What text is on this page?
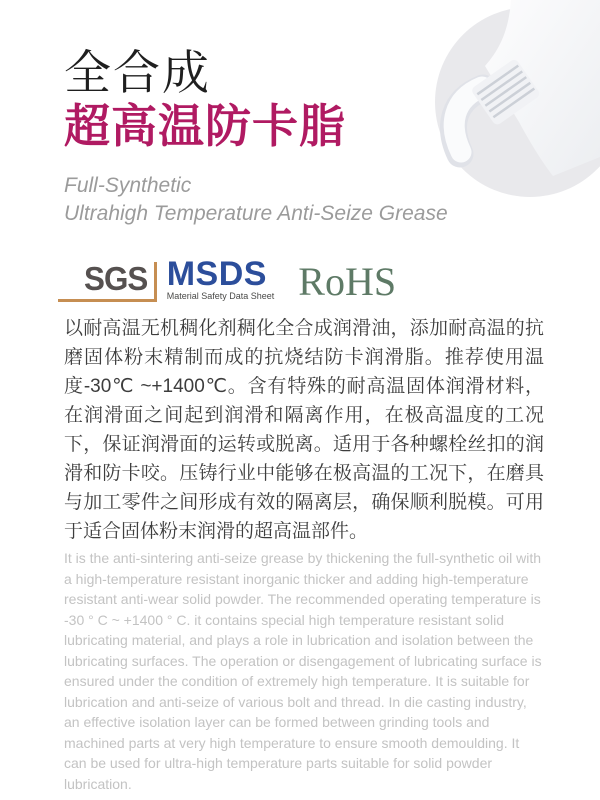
全合成
超高温防卡脂
Full-Synthetic
Ultrahigh Temperature Anti-Seize Grease
SGS MSDS
Material Safety Data Sheet RoHS

以耐高温无机稠化剂稠化全合成润滑油，添加耐高温的抗磨固体粉末精制而成的抗烧结防卡润滑脂。推荐使用温度-30℃ ~+1400℃。含有特殊的耐高温固体润滑材料，在润滑面之间起到润滑和隔离作用，在极高温度的工况下，保证润滑面的运转或脱离。适用于各种螺栓丝扣的润滑和防卡咬。压铸行业中能够在极高温的工况下，在磨具与加工零件之间形成有效的隔离层，确保顺利脱模。可用于适合固体粉末润滑的超高温部件。

It is the anti-sintering anti-seize grease by thickening the full-synthetic oil with a high-temperature resistant inorganic thicker and adding high-temperature resistant anti-wear solid powder. The recommended operating temperature is -30 ° C ~ +1400 ° C. it contains special high temperature resistant solid lubricating material, and plays a role in lubrication and isolation between the lubricating surfaces. The operation or disengagement of lubricating surface is ensured under the condition of extremely high temperature. It is suitable for lubrication and anti-seize of various bolt and thread. In die casting industry, an effective isolation layer can be formed between grinding tools and machined parts at very high temperature to ensure smooth demoulding. It can be used for ultra-high temperature parts suitable for solid powder lubrication.
